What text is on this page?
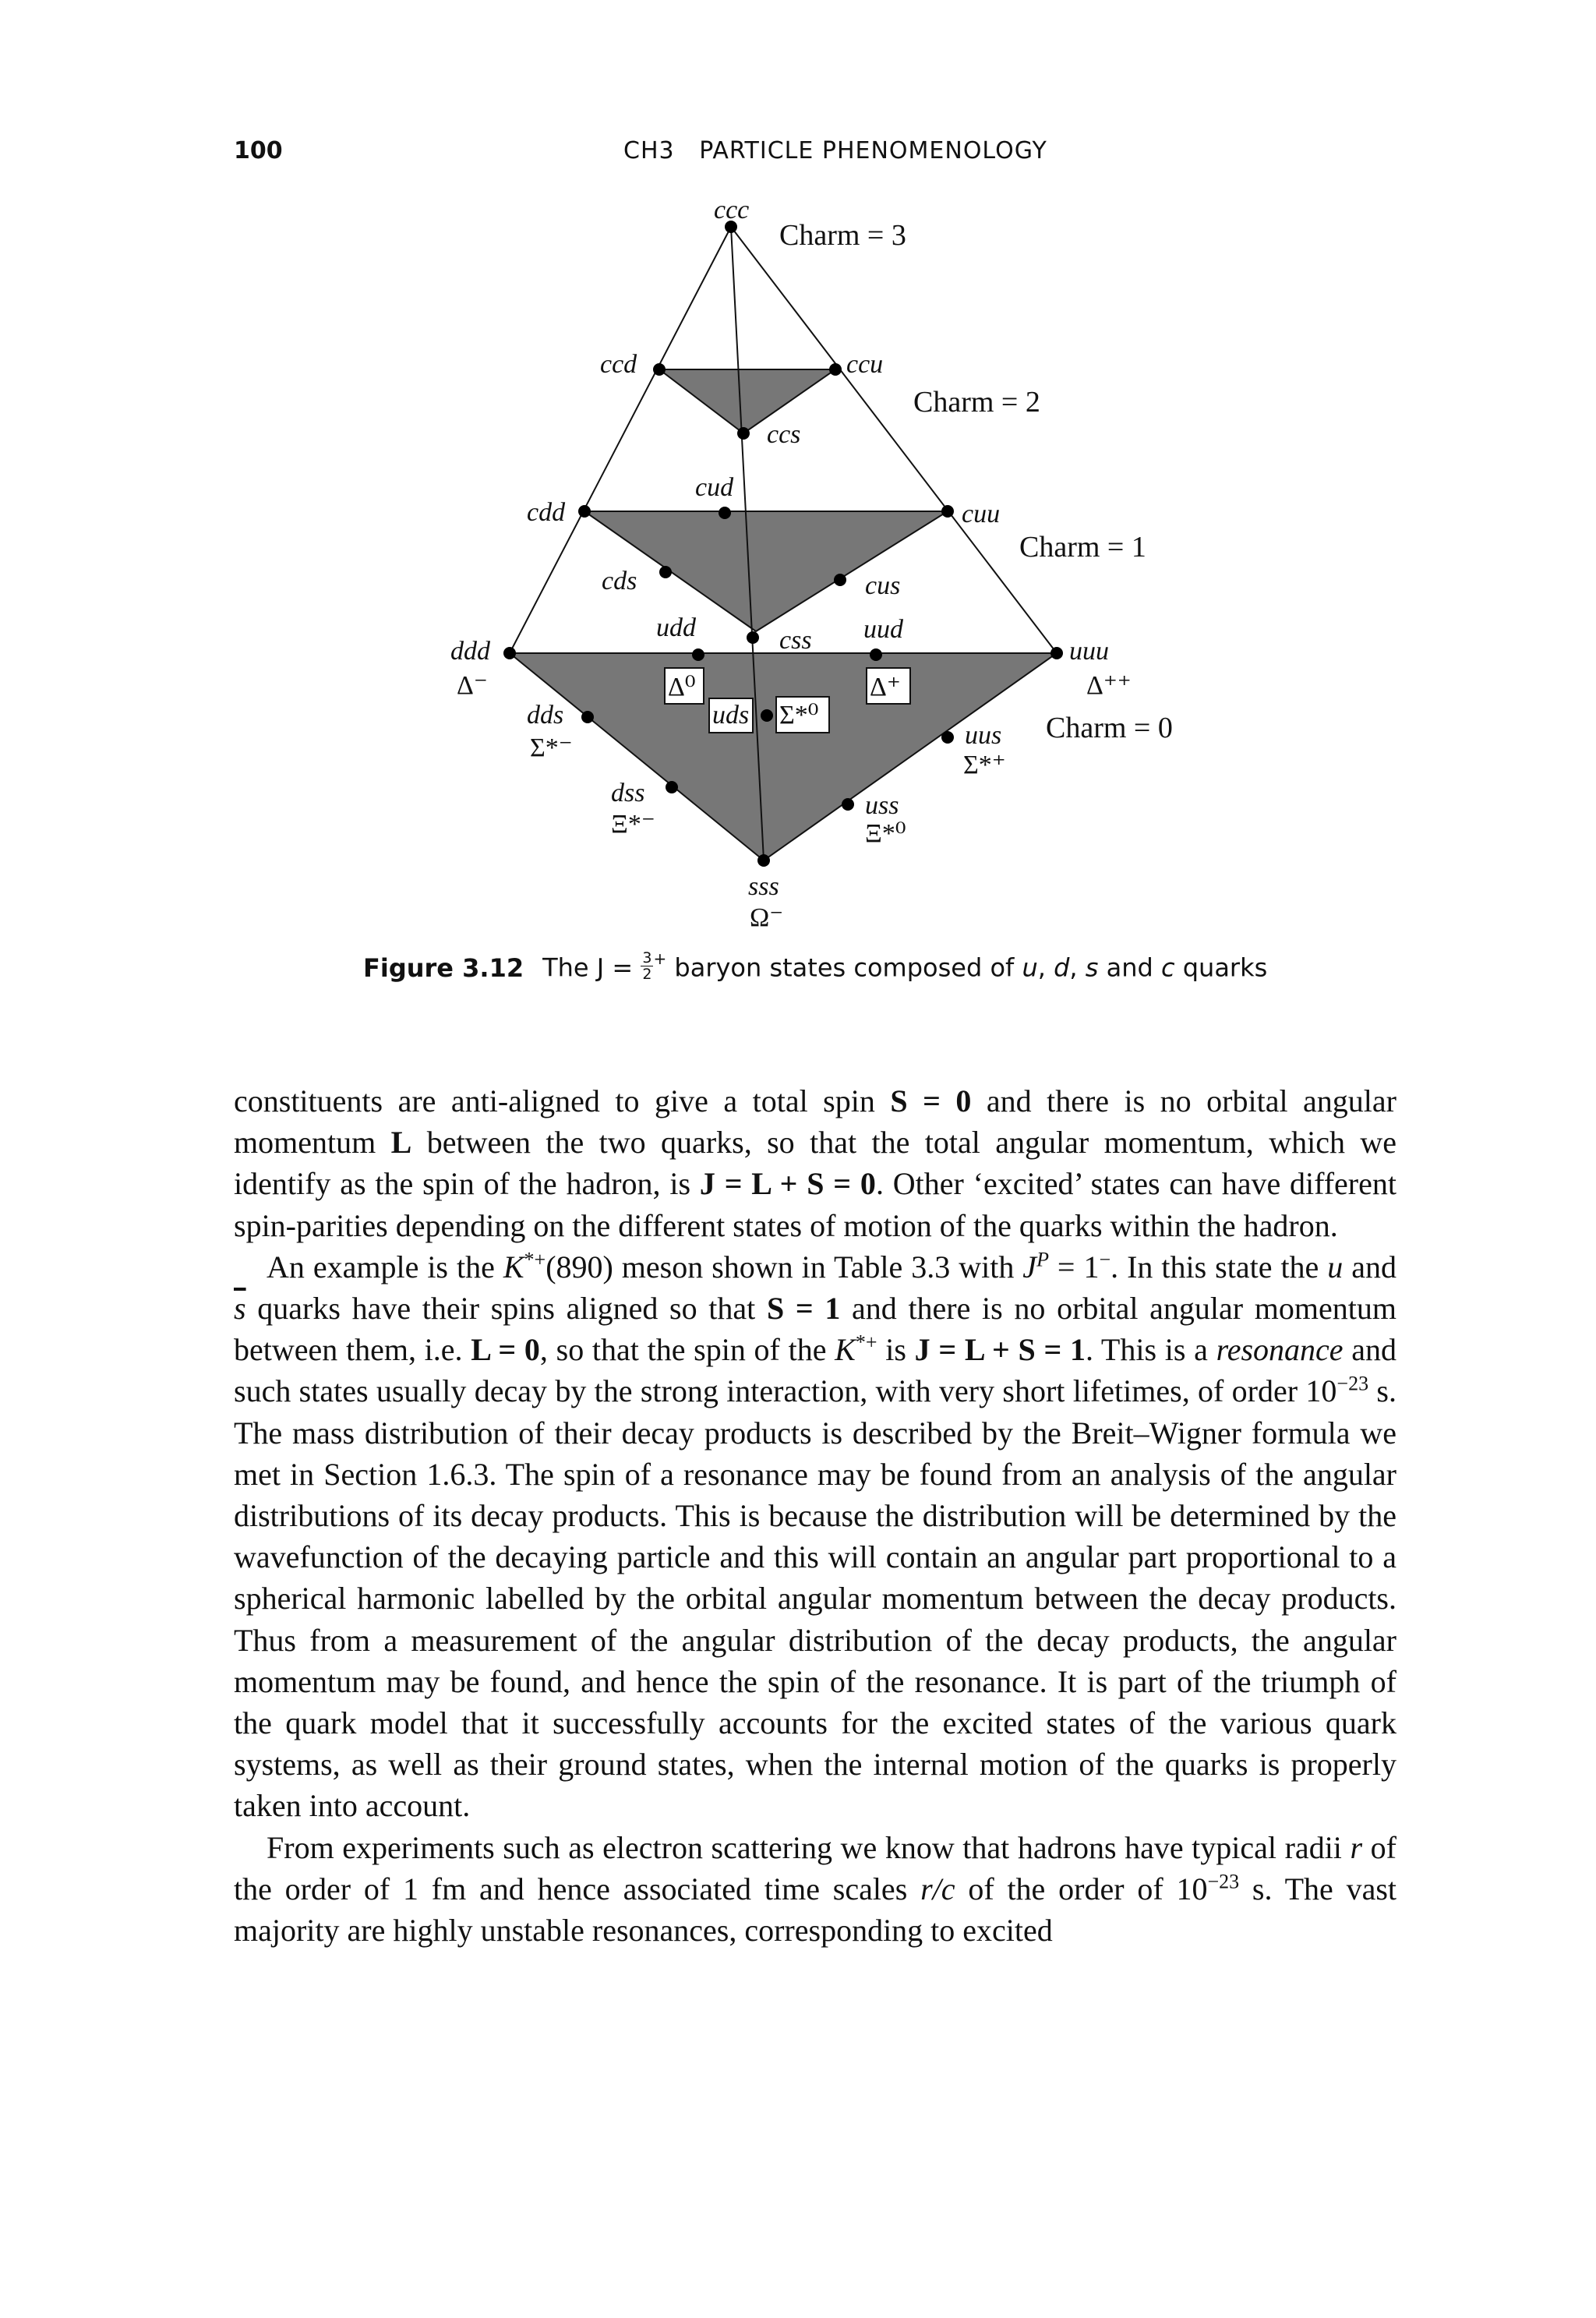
100	CH3   PARTICLE PHENOMENOLOGY
ccc
ccd	ccu
ccs
cdd
cud
cuu
cds	cus
css
ddd
udd	uud
uuu
dds	uds
uus
dss	uss
sss
Δ⁻	Δ⁰	Δ⁺	Δ⁺⁺
Σ*⁻
Σ*⁰
Σ*⁺
Ξ*⁻	Ξ*⁰
Ω⁻
Charm = 3
Charm = 2
Charm = 1
Charm = 0
Figure 3.12 The $J = \frac{3}{2} ^+$ baryon states composed of u, d, s and c quarks

constituents are anti-aligned to give a total spin S = 0 and there is no orbital angular momentum L between the two quarks, so that the total angular momentum, which we identify as the spin of the hadron, is J = L + S = 0. Other ‘excited’ states can have different spin-parities depending on the different states of motion of the quarks within the hadron.

An example is the K*+(890) meson shown in Table 3.3 with $J^P = 1^-$. In this state the u and $\overline{s}$ quarks have their spins aligned so that S = 1 and there is no orbital angular momentum between them, i.e. L = 0, so that the spin of the K*+ is J = L + S = 1. This is a resonance and such states usually decay by the strong interaction, with very short lifetimes, of order $10^{-23}$ s. The mass distribution of their decay products is described by the Breit–Wigner formula we met in Section 1.6.3. The spin of a resonance may be found from an analysis of the angular distributions of its decay products. This is because the distribution will be determined by the wavefunction of the decaying particle and this will contain an angular part proportional to a spherical harmonic labelled by the orbital angular momentum between the decay products. Thus from a measurement of the angular distribution of the decay products, the angular momentum may be found, and hence the spin of the resonance. It is part of the triumph of the quark model that it successfully accounts for the excited states of the various quark systems, as well as their ground states, when the internal motion of the quarks is properly taken into account.

From experiments such as electron scattering we know that hadrons have typical radii r of the order of 1 fm and hence associated time scales r/c of the order of $10^{-23}$ s. The vast majority are highly unstable resonances, corresponding to excited
